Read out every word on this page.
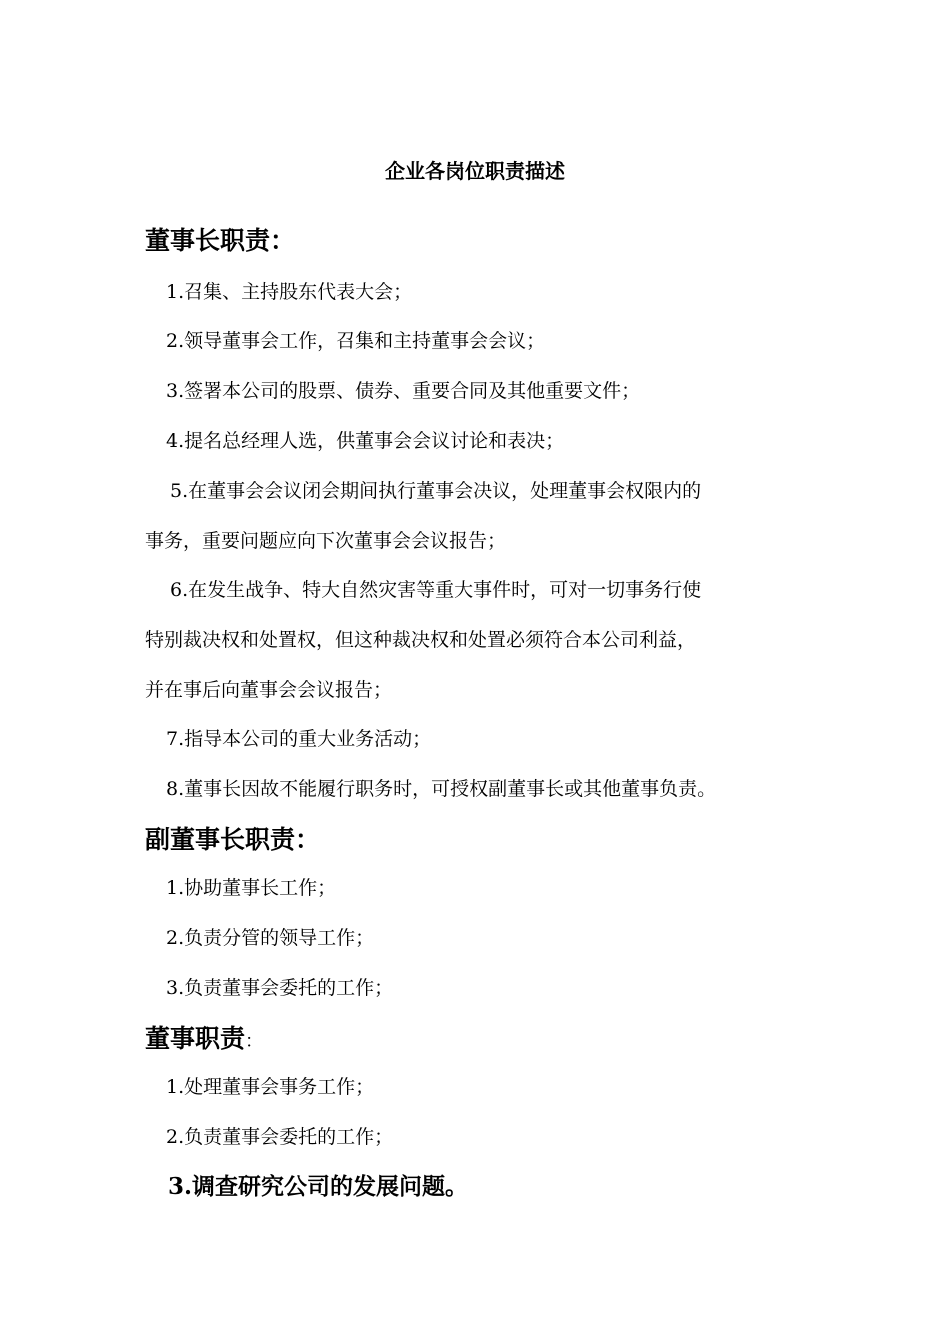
企业各岗位职责描述
董事长职责：
1.召集、主持股东代表大会；
2.领导董事会工作，召集和主持董事会会议；
3.签署本公司的股票、债券、重要合同及其他重要文件；
4.提名总经理人选，供董事会会议讨论和表决；
5.在董事会会议闭会期间执行董事会决议，处理董事会权限内的
事务，重要问题应向下次董事会会议报告；
6.在发生战争、特大自然灾害等重大事件时，可对一切事务行使
特别裁决权和处置权，但这种裁决权和处置必须符合本公司利益，
并在事后向董事会会议报告；
7.指导本公司的重大业务活动；
8.董事长因故不能履行职务时，可授权副董事长或其他董事负责。
副董事长职责：
1.协助董事长工作；
2.负责分管的领导工作；
3.负责董事会委托的工作；
董事职责：
1.处理董事会事务工作；
2.负责董事会委托的工作；
3.调查研究公司的发展问题。
